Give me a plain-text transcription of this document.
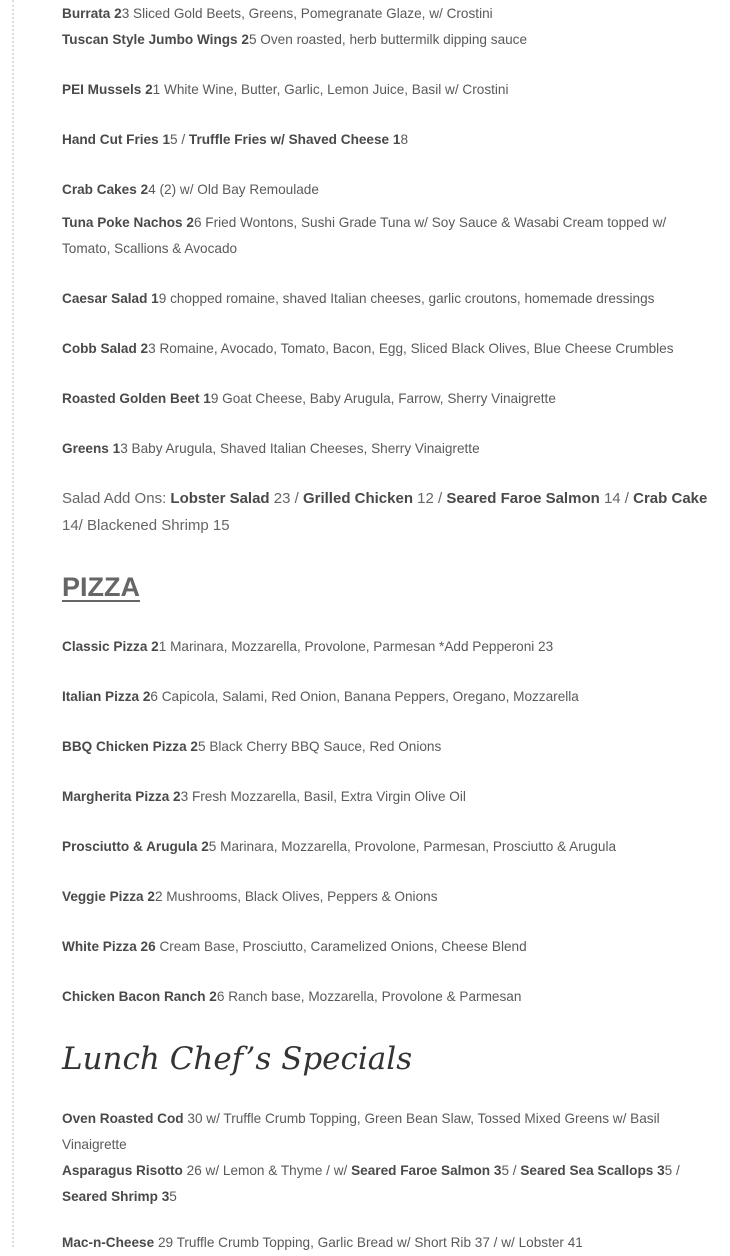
Burrata 23 Sliced Gold Beets, Greens, Pomegranate Glaze, w/ Crostini
Tuscan Style Jumbo Wings 25 Oven roasted, herb buttermilk dipping sauce
PEI Mussels 21 White Wine, Butter, Garlic, Lemon Juice, Basil w/ Crostini
Hand Cut Fries 15 / Truffle Fries w/ Shaved Cheese 18
Crab Cakes 24 (2) w/ Old Bay Remoulade
Tuna Poke Nachos 26 Fried Wontons, Sushi Grade Tuna w/ Soy Sauce & Wasabi Cream topped w/ Tomato, Scallions & Avocado
Caesar Salad 19 chopped romaine, shaved Italian cheeses, garlic croutons, homemade dressings
Cobb Salad 23 Romaine, Avocado, Tomato, Bacon, Egg, Sliced Black Olives, Blue Cheese Crumbles
Roasted Golden Beet 19 Goat Cheese, Baby Arugula, Farrow, Sherry Vinaigrette
Greens 13 Baby Arugula, Shaved Italian Cheeses, Sherry Vinaigrette
Salad Add Ons: Lobster Salad 23 / Grilled Chicken 12 / Seared Faroe Salmon 14 / Crab Cake 14/ Blackened Shrimp 15
PIZZA
Classic Pizza 21 Marinara, Mozzarella, Provolone, Parmesan *Add Pepperoni 23
Italian Pizza 26 Capicola, Salami, Red Onion, Banana Peppers, Oregano, Mozzarella
BBQ Chicken Pizza 25 Black Cherry BBQ Sauce, Red Onions
Margherita Pizza 23 Fresh Mozzarella, Basil, Extra Virgin Olive Oil
Prosciutto & Arugula 25 Marinara, Mozzarella, Provolone, Parmesan, Prosciutto & Arugula
Veggie Pizza 22 Mushrooms, Black Olives, Peppers & Onions
White Pizza 26 Cream Base, Prosciutto, Caramelized Onions, Cheese Blend
Chicken Bacon Ranch 26 Ranch base, Mozzarella, Provolone & Parmesan
Lunch Chef’s Specials
Oven Roasted Cod 30 w/ Truffle Crumb Topping, Green Bean Slaw, Tossed Mixed Greens w/ Basil Vinaigrette
Asparagus Risotto 26 w/ Lemon & Thyme / w/ Seared Faroe Salmon 35 / Seared Sea Scallops 35 / Seared Shrimp 35
Mac-n-Cheese 29 Truffle Crumb Topping, Garlic Bread w/ Short Rib 37 / w/ Lobster 41
